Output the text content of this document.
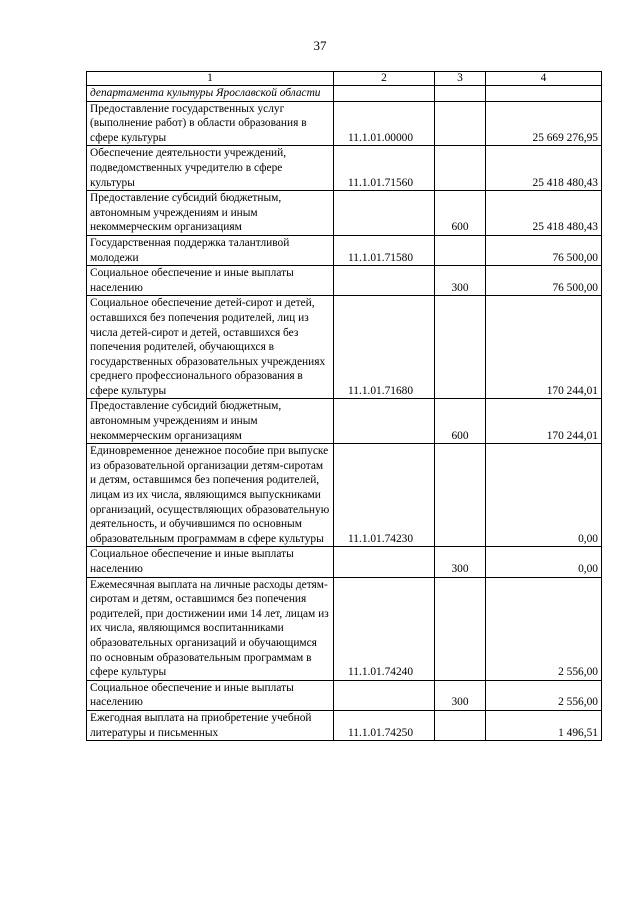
37
1	2	3	4
департамента культуры Ярославской области			
Предоставление государственных услуг (выполнение работ) в области образования в сфере культуры	11.1.01.00000		25 669 276,95
Обеспечение деятельности учреждений, подведомственных учредителю в сфере культуры	11.1.01.71560		25 418 480,43
Предоставление субсидий бюджетным, автономным учреждениям и иным некоммерческим организациям		600	25 418 480,43
Государственная поддержка талантливой молодежи	11.1.01.71580		76 500,00
Социальное обеспечение и иные выплаты населению		300	76 500,00
Социальное обеспечение детей-сирот и детей, оставшихся без попечения родителей, лиц из числа детей-сирот и детей, оставшихся без попечения родителей, обучающихся в государственных образовательных учреждениях среднего профессионального образования в сфере культуры	11.1.01.71680		170 244,01
Предоставление субсидий бюджетным, автономным учреждениям и иным некоммерческим организациям		600	170 244,01
Единовременное денежное пособие при выпуске из образовательной организации детям-сиротам и детям, оставшимся без попечения родителей, лицам из их числа, являющимся выпускниками организаций, осуществляющих образовательную деятельность, и обучившимся по основным образовательным программам в сфере культуры	11.1.01.74230		0,00
Социальное обеспечение и иные выплаты населению		300	0,00
Ежемесячная выплата на личные расходы детям-сиротам и детям, оставшимся без попечения родителей, при достижении ими 14 лет, лицам из их числа, являющимся воспитанниками образовательных организаций и обучающимся по основным образовательным программам в сфере культуры	11.1.01.74240		2 556,00
Социальное обеспечение и иные выплаты населению		300	2 556,00
Ежегодная выплата на приобретение учебной литературы и письменных	11.1.01.74250		1 496,51
